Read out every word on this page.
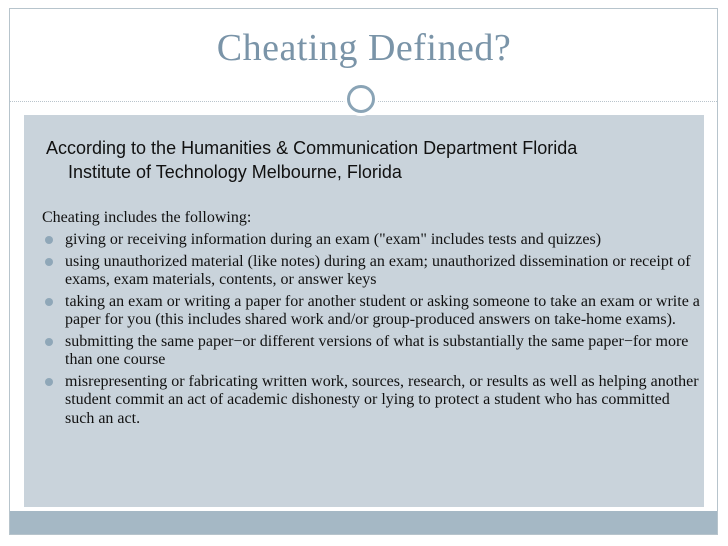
Cheating Defined?
According to the Humanities & Communication Department Florida
Institute of Technology Melbourne, Florida
Cheating includes the following:
giving or receiving information during an exam ("exam" includes tests and quizzes)
using unauthorized material (like notes) during an exam; unauthorized dissemination or receipt of exams, exam materials, contents, or answer keys
taking an exam or writing a paper for another student or asking someone to take an exam or write a paper for you (this includes shared work and/or group-produced answers on take-home exams).
submitting the same paper−or different versions of what is substantially the same paper−for more than one course
misrepresenting or fabricating written work, sources, research, or results as well as helping another student commit an act of academic dishonesty or lying to protect a student who has committed such an act.
